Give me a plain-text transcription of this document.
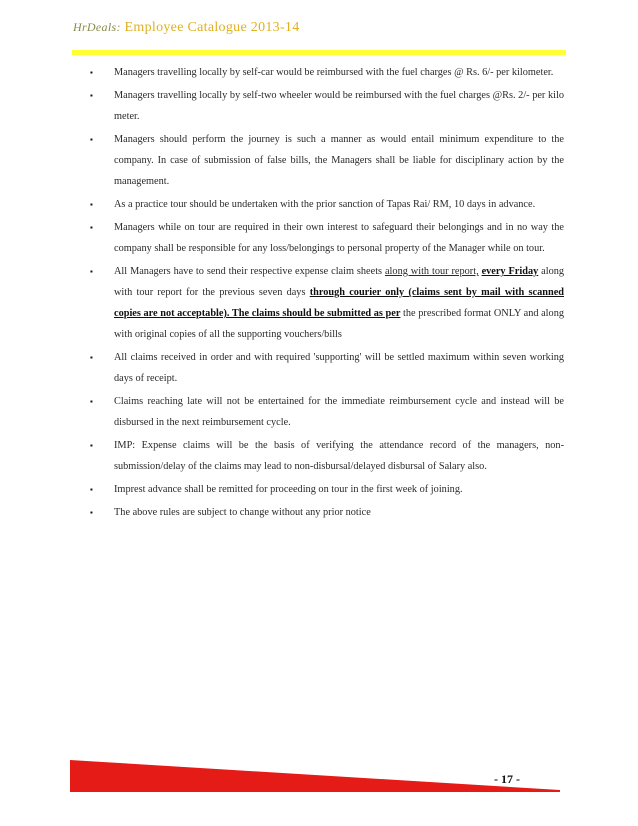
HrDeals: Employee Catalogue 2013-14
▪ Managers travelling locally by self-car would be reimbursed with the fuel charges @ Rs. 6/- per kilometer.
▪ Managers travelling locally by self-two wheeler would be reimbursed with the fuel charges @Rs. 2/- per kilo meter.
▪ Managers should perform the journey is such a manner as would entail minimum expenditure to the company. In case of submission of false bills, the Managers shall be liable for disciplinary action by the management.
▪ As a practice tour should be undertaken with the prior sanction of Tapas Rai/ RM, 10 days in advance.
▪ Managers while on tour are required in their own interest to safeguard their belongings and in no way the company shall be responsible for any loss/belongings to personal property of the Manager while on tour.
▪ All Managers have to send their respective expense claim sheets along with tour report, every Friday along with tour report for the previous seven days through courier only (claims sent by mail with scanned copies are not acceptable). The claims should be submitted as per the prescribed format ONLY and along with original copies of all the supporting vouchers/bills
▪ All claims received in order and with required 'supporting' will be settled maximum within seven working days of receipt.
▪ Claims reaching late will not be entertained for the immediate reimbursement cycle and instead will be disbursed in the next reimbursement cycle.
▪ IMP: Expense claims will be the basis of verifying the attendance record of the managers, non-submission/delay of the claims may lead to non-disbursal/delayed disbursal of Salary also.
▪ Imprest advance shall be remitted for proceeding on tour in the first week of joining.
▪ The above rules are subject to change without any prior notice
- 17 -
